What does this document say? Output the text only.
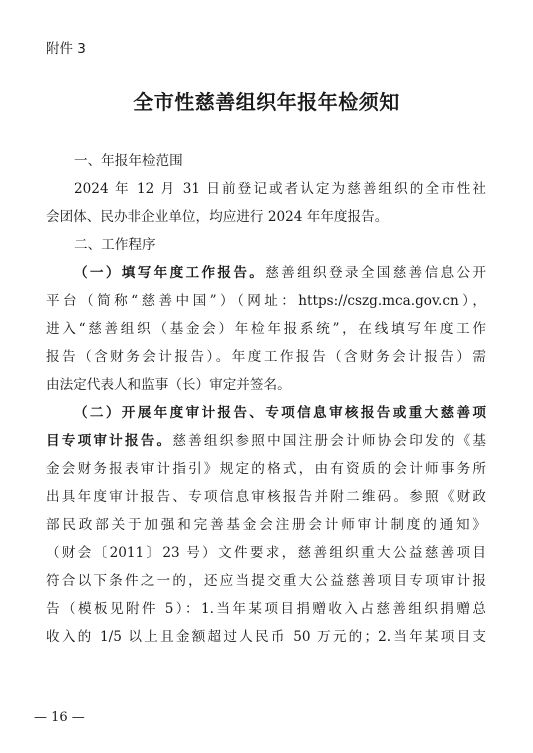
附件 3
全市性慈善组织年报年检须知
一、年报年检范围
2024 年 12 月 31 日前登记或者认定为慈善组织的全市性社
会团体、民办非企业单位，均应进行 2024 年年度报告。
二、工作程序
（一）填写年度工作报告。慈善组织登录全国慈善信息公开
平台（简称“慈善中国”）（网址：https://cszg.mca.gov.cn），
进入“慈善组织（基金会）年检年报系统”，在线填写年度工作
报告（含财务会计报告）。年度工作报告（含财务会计报告）需
由法定代表人和监事（长）审定并签名。
（二）开展年度审计报告、专项信息审核报告或重大慈善项
目专项审计报告。慈善组织参照中国注册会计师协会印发的《基
金会财务报表审计指引》规定的格式，由有资质的会计师事务所
出具年度审计报告、专项信息审核报告并附二维码。参照《财政
部民政部关于加强和完善基金会注册会计师审计制度的通知》
（财会〔2011〕23 号）文件要求，慈善组织重大公益慈善项目
符合以下条件之一的，还应当提交重大公益慈善项目专项审计报
告（模板见附件 5）：1.当年某项目捐赠收入占慈善组织捐赠总
收入的 1/5 以上且金额超过人民币 50 万元的；2.当年某项目支
— 16 —
